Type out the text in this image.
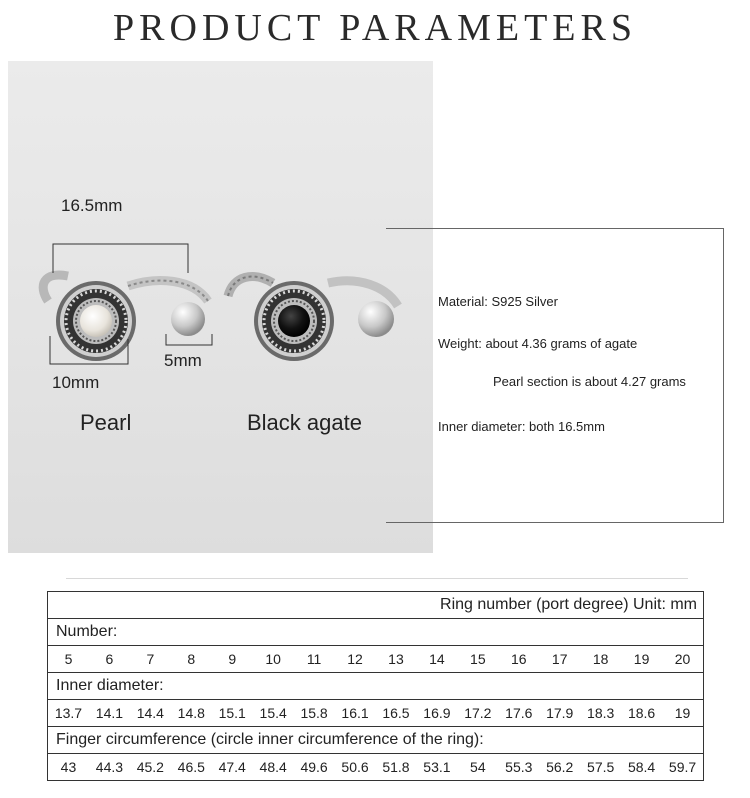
PRODUCT PARAMETERS
16.5mm
10mm
5mm
Pearl	Black agate
Material: S925 Silver
Weight: about 4.36 grams of agate
Pearl section is about 4.27 grams
Inner diameter: both 16.5mm
Ring number (port degree) Unit: mm
Number:

5	6	7	8	9	10	11	12	13	14	15	16	17	18	19	20

Inner diameter:

13.7 14.1 14.4 14.8 15.1 15.4 15.8 16.1 16.5 16.9 17.2 17.6 17.9 18.3 18.6	19

Finger circumference (circle inner circumference of the ring):

43	44.3 45.2 46.5 47.4 48.4 49.6 50.6 51.8 53.1	54	55.3 56.2 57.5 58.4 59.7
